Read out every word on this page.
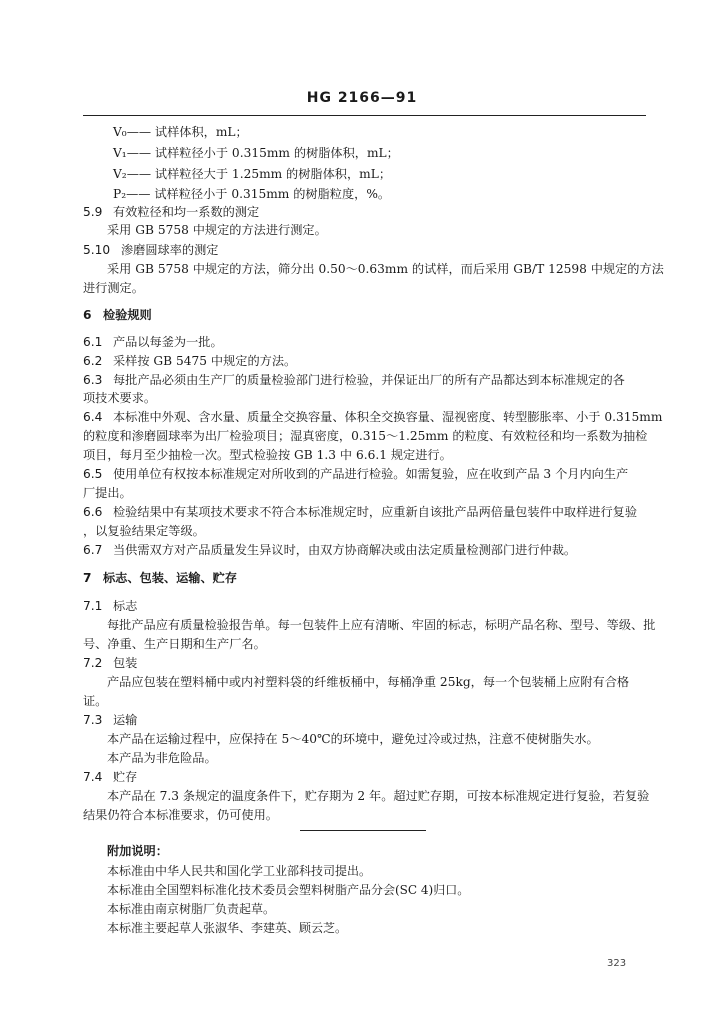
HG 2166—91
V₀—— 试样体积，mL；
V₁—— 试样粒径小于 0.315mm 的树脂体积，mL；
V₂—— 试样粒径大于 1.25mm 的树脂体积，mL；
P₂—— 试样粒径小于 0.315mm 的树脂粒度，%。
5.9 有效粒径和均一系数的测定
采用 GB 5758 中规定的方法进行测定。
5.10 渗磨圆球率的测定
采用 GB 5758 中规定的方法，筛分出 0.50～0.63mm 的试样，而后采用 GB/T 12598 中规定的方法
进行测定。
6 检验规则
6.1 产品以每釜为一批。
6.2 采样按 GB 5475 中规定的方法。
6.3 每批产品必须由生产厂的质量检验部门进行检验，并保证出厂的所有产品都达到本标准规定的各
项技术要求。
6.4 本标准中外观、含水量、质量全交换容量、体积全交换容量、湿视密度、转型膨胀率、小于 0.315mm
的粒度和渗磨圆球率为出厂检验项目；湿真密度，0.315～1.25mm 的粒度、有效粒径和均一系数为抽检
项目，每月至少抽检一次。型式检验按 GB 1.3 中 6.6.1 规定进行。
6.5 使用单位有权按本标准规定对所收到的产品进行检验。如需复验，应在收到产品 3 个月内向生产
厂提出。
6.6 检验结果中有某项技术要求不符合本标准规定时，应重新自该批产品两倍量包装件中取样进行复验
，以复验结果定等级。
6.7 当供需双方对产品质量发生异议时，由双方协商解决或由法定质量检测部门进行仲裁。
7 标志、包装、运输、贮存
7.1 标志
每批产品应有质量检验报告单。每一包装件上应有清晰、牢固的标志，标明产品名称、型号、等级、批
号、净重、生产日期和生产厂名。
7.2 包装
产品应包装在塑料桶中或内衬塑料袋的纤维板桶中，每桶净重 25kg，每一个包装桶上应附有合格
证。
7.3 运输
本产品在运输过程中，应保持在 5～40℃的环境中，避免过冷或过热，注意不使树脂失水。
本产品为非危险品。
7.4 贮存
本产品在 7.3 条规定的温度条件下，贮存期为 2 年。超过贮存期，可按本标准规定进行复验，若复验
结果仍符合本标准要求，仍可使用。
附加说明：
本标准由中华人民共和国化学工业部科技司提出。
本标准由全国塑料标准化技术委员会塑料树脂产品分会(SC 4)归口。
本标准由南京树脂厂负责起草。
本标准主要起草人张淑华、李建英、顾云芝。
323
